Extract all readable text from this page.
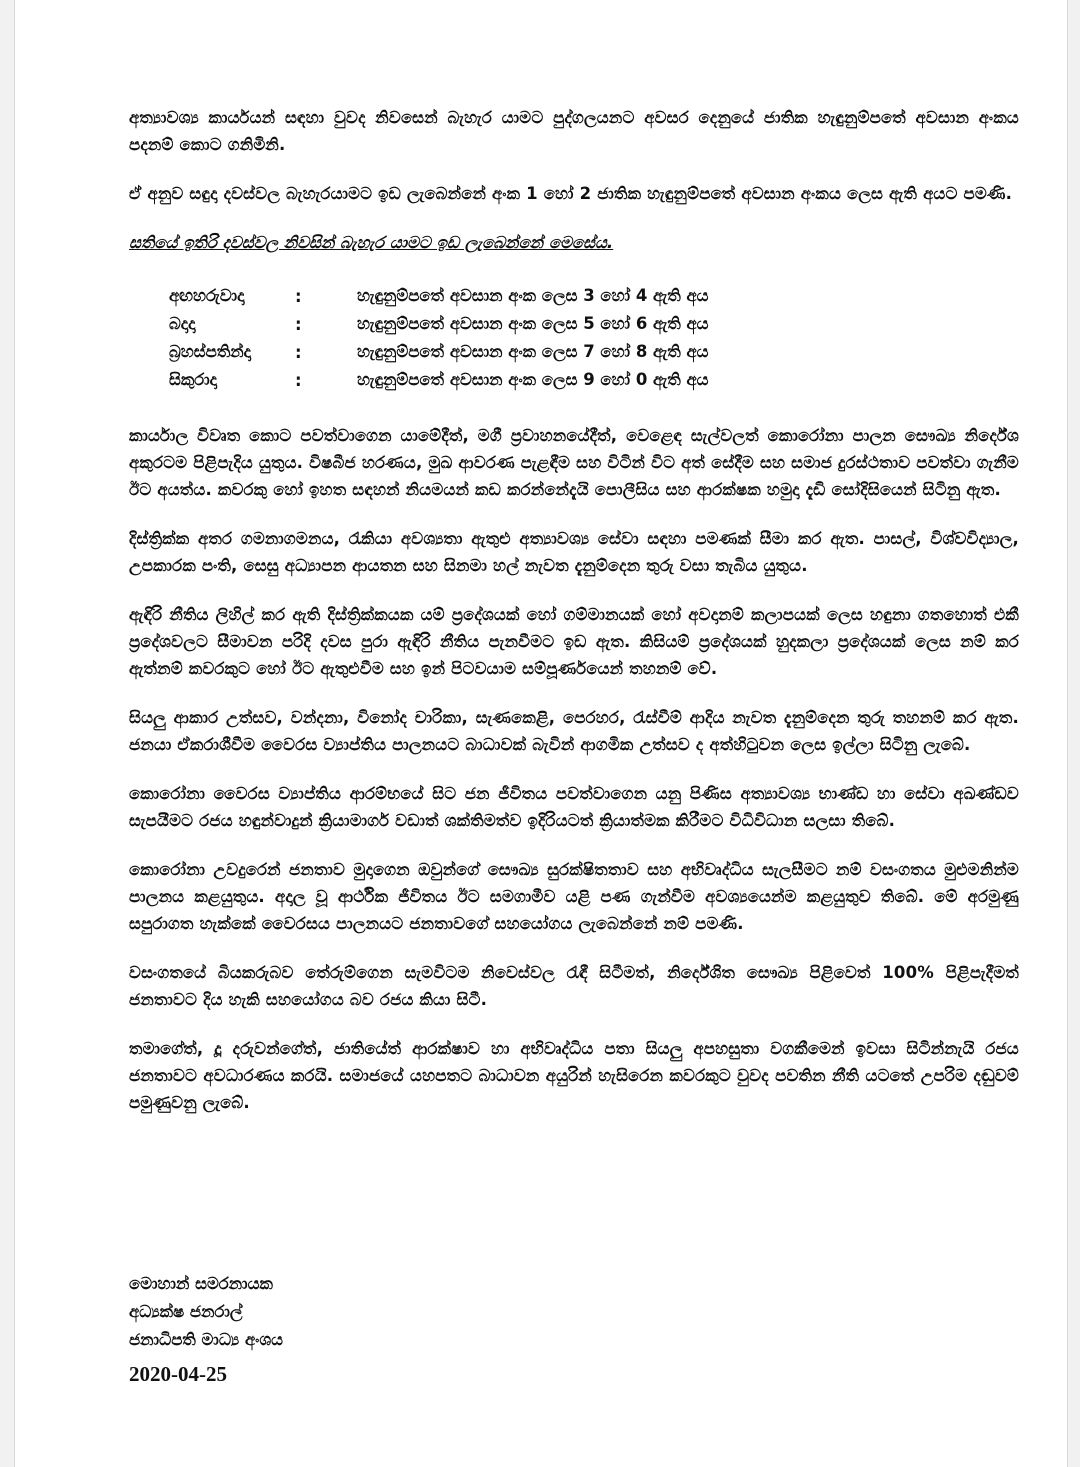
අත්‍යාවශ්‍ය කාර්යයන් සඳහා වුවද නිවසෙන් බැහැර යාමට පුද්ගලයනට අවසර දෙනුයේ ජාතික හැඳුනුම්පතේ අවසාන අංකය පදනම් කොට ගනිමිනි.

ඒ අනුව සඳුදා දවස්වල බැහැරයාමට ඉඩ ලැබෙන්නේ අංක 1 හෝ 2 ජාතික හැඳුනුම්පතේ අවසාන අංකය ලෙස ඇති අයට පමණි.

සතියේ ඉතිරි දවස්වල නිවසින් බැහැර යාමට ඉඩ ලැබෙන්නේ මෙසේය.

අඟහරුවාදා	:	හැඳුනුම්පතේ අවසාන අංක ලෙස 3 හෝ 4 ඇති අය
බදාදා	:	හැඳුනුම්පතේ අවසාන අංක ලෙස 5 හෝ 6 ඇති අය
බ්‍රහස්පතින්දා	:	හැඳුනුම්පතේ අවසාන අංක ලෙස 7 හෝ 8 ඇති අය
සිකුරාදා	:	හැඳුනුම්පතේ අවසාන අංක ලෙස 9 හෝ 0 ඇති අය

කාර්යාල විවෘත කොට පවත්වාගෙන යාමේදීත්, මගී ප්‍රවාහනයේදීත්, වෙළෙඳ සැල්වලත් කොරෝනා පාලන සෞඛ්‍ය නිර්දේශ අකුරටම පිළිපැදිය යුතුය. විෂබීජ හරණය, මුඛ ආවරණ පැළඳීම සහ විටින් විට අත් සේදීම සහ සමාජ දුරස්ථතාව පවත්වා ගැනීම ඊට අයත්ය. කවරකු හෝ ඉහත සඳහන් නියමයන් කඩ කරන්නේදැයි පොලීසිය සහ ආරක්ෂක හමුදා දැඩි සෝදිසියෙන් සිටිනු ඇත.

දිස්ත්‍රික්ක අතර ගමනාගමනය, රැකියා අවශ්‍යතා ඇතුළු අත්‍යාවශ්‍ය සේවා සඳහා පමණක් සීමා කර ඇත. පාසල්, විශ්වවිද්‍යාල, උපකාරක පංති, සෙසු අධ්‍යාපන ආයතන සහ සිනමා හල් නැවත දැනුම්දෙන තුරු වසා තැබිය යුතුය.

ඇඳිරි නීතිය ලිහිල් කර ඇති දිස්ත්‍රික්කයක යම් ප්‍රදේශයක් හෝ ගම්මානයක් හෝ අවදානම් කලාපයක් ලෙස හඳුනා ගතහොත් එකී ප්‍රදේශවලට සීමාවන පරිදි දවස පුරා ඇඳිරි නීතිය පැනවීමට ඉඩ ඇත. කිසියම් ප්‍රදේශයක් හුදකලා ප්‍රදේශයක් ලෙස නම් කර ඇත්නම් කවරකුට හෝ ඊට ඇතුළුවීම සහ ඉන් පිටවයාම සම්පූර්ණයෙන් තහනම් වේ.

සියලු ආකාර උත්සව, වන්දනා, විනෝද චාරිකා, සැණකෙළි, පෙරහර, රැස්වීම් ආදිය නැවත දැනුම්දෙන තුරු තහනම් කර ඇත. ජනයා ඒකරාශීවීම වෛරස ව්‍යාප්තිය පාලනයට බාධාවක් බැවින් ආගමික උත්සව ද අත්හිටුවන ලෙස ඉල්ලා සිටිනු ලැබේ.

කොරෝනා වෛරස ව්‍යාප්තිය ආරම්භයේ සිට ජන ජීවිතය පවත්වාගෙන යනු පිණිස අත්‍යාවශ්‍ය භාණ්ඩ හා සේවා අඛණ්ඩව සැපයීමට රජය හඳුන්වාදුන් ක්‍රියාමාර්ග වඩාත් ශක්තිමත්ව ඉදිරියටත් ක්‍රියාත්මක කිරීමට විධිවිධාන සලසා තිබේ.

කොරෝනා උවදුරෙන් ජනතාව මුදාගෙන ඔවුන්ගේ සෞඛ්‍ය සුරක්ෂිතතාව සහ අභිවෘද්ධිය සැලසීමට නම් වසංගතය මුළුමනින්ම පාලනය කළයුතුය. අදාල වූ ආර්ථික ජීවිතය ඊට සමගාමීව යළි පණ ගැන්වීම අවශ්‍යයෙන්ම කළයුතුව තිබේ. මේ අරමුණු සපුරාගත හැක්කේ වෛරසය පාලනයට ජනතාවගේ සහයෝගය ලැබෙන්නේ නම් පමණි.

වසංගතයේ බියකරුබව තේරුම්ගෙන සැමවිටම නිවෙස්වල රැඳී සිටීමත්, නිර්දේශිත සෞඛ්‍ය පිළිවෙත් 100% පිළිපැදීමත් ජනතාවට දිය හැකි සහයෝගය බව රජය කියා සිටී.

තමාගේත්, දූ දරුවන්ගේත්, ජාතියේත් ආරක්ෂාව හා අභිවෘද්ධිය පතා සියලු අපහසුතා වගකීමෙන් ඉවසා සිටින්නැයි රජය ජනතාවට අවධාරණය කරයි. සමාජයේ යහපතට බාධාවන අයුරින් හැසිරෙන කවරකුට වුවද පවතින නීති යටතේ උපරිම දඬුවම් පමුණුවනු ලැබේ.

මොහාන් සමරනායක
අධ්‍යක්ෂ ජනරාල්
ජනාධිපති මාධ්‍ය අංශය
2020-04-25
